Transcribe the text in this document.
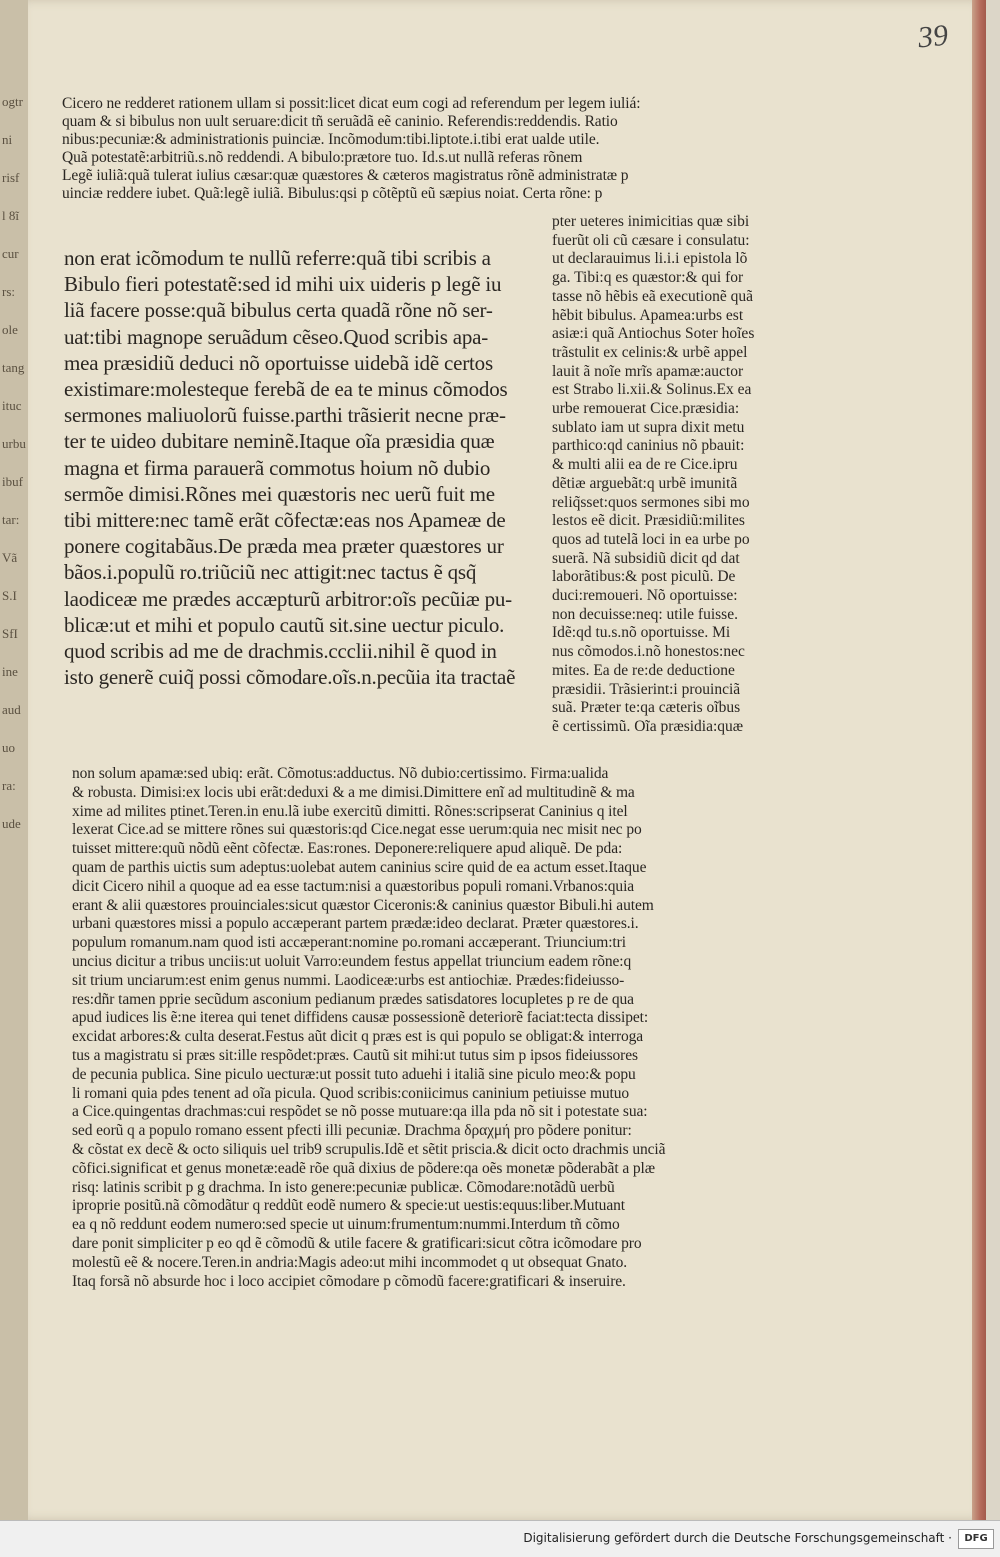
ogtr
ni
risf
l 8ĩ
cur
rs:
ole
tang
ituc
urbu
ibuf
tar:
Vã
S.I
SfI
ine
aud
uo
ra:
ude
39
Cicero ne redderet rationem ullam si possit:licet dicat eum cogi ad referendum per legem iuliá:
quam & si bibulus non uult seruare:dicit tñ seruãdã eẽ caninio. Referendis:reddendis. Ratio
nibus:pecuniæ:& administrationis puinciæ. Incõmodum:tibi.liptote.i.tibi erat ualde utile.
Quã potestatẽ:arbitriũ.s.nõ reddendi. A bibulo:prætore tuo. Id.s.ut nullã referas rõnem
Legẽ iuliã:quã tulerat iulius cæsar:quæ quæstores & cæteros magistratus rõnẽ administratæ p
uinciæ reddere iubet. Quã:legẽ iuliã. Bibulus:qsi p cõtẽptũ eũ sæpius noiat. Certa rõne: p
non erat icõmodum te nullũ referre:quã tibi scribis a
Bibulo fieri potestatẽ:sed id mihi uix uideris p legẽ iu
liã facere posse:quã bibulus certa quadã rõne nõ ser-
uat:tibi magnope seruãdum cẽseo.Quod scribis apa-
mea præsidiũ deduci nõ oportuisse uidebã idẽ certos
existimare:molesteque ferebã de ea te minus cõmodos
sermones maliuolorũ fuisse.parthi trãsierit necne præ-
ter te uideo dubitare neminẽ.Itaque oĩa præsidia quæ
magna et firma parauerã commotus hoium nõ dubio
sermõe dimisi.Rõnes mei quæstoris nec uerũ fuit me
tibi mittere:nec tamẽ erãt cõfectæ:eas nos Apameæ de
ponere cogitabãus.De præda mea præter quæstores ur
bãos.i.populũ ro.triũciũ nec attigit:nec tactus ẽ qsq̃
laodiceæ me prædes accæpturũ arbitror:oĩs pecũiæ pu-
blicæ:ut et mihi et populo cautũ sit.sine uectur piculo.
quod scribis ad me de drachmis.ccclii.nihil ẽ quod in
isto generẽ cuiq̃ possi cõmodare.oĩs.n.pecũia ita tractaẽ
pter ueteres inimicitias quæ sibi
fuerũt oli cũ cæsare i consulatu:
ut declarauimus li.i.i epistola lõ
ga. Tibi:q es quæstor:& qui for
tasse nõ hẽbis eã executionẽ quã
hẽbit bibulus. Apamea:urbs est
asiæ:i quã Antiochus Soter hoĩes
trãstulit ex celinis:& urbẽ appel
lauit ã noĩe mrĩs apamæ:auctor
est Strabo li.xii.& Solinus.Ex ea
urbe remouerat Cice.præsidia:
sublato iam ut supra dixit metu
parthico:qd caninius nõ pbauit:
& multi alii ea de re Cice.ipru
dẽtiæ arguebãt:q urbẽ imunitã
reliq̃sset:quos sermones sibi mo
lestos eẽ dicit. Præsidiũ:milites
quos ad tutelã loci in ea urbe po
suerã. Nã subsidiũ dicit qd dat
laborãtibus:& post piculũ. De
duci:remoueri. Nõ oportuisse:
non decuisse:neq: utile fuisse.
Idẽ:qd tu.s.nõ oportuisse. Mi
nus cõmodos.i.nõ honestos:nec
mites. Ea de re:de deductione
præsidii. Trãsierint:i prouinciã
suã. Præter te:qa cæteris oĩbus
ẽ certissimũ. Oĩa præsidia:quæ
non solum apamæ:sed ubiq: erãt. Cõmotus:adductus. Nõ dubio:certissimo. Firma:ualida
& robusta. Dimisi:ex locis ubi erãt:deduxi & a me dimisi.Dimittere enĩ ad multitudinẽ & ma
xime ad milites ptinet.Teren.in enu.lã iube exercitũ dimitti. Rõnes:scripserat Caninius q itel
lexerat Cice.ad se mittere rõnes sui quæstoris:qd Cice.negat esse uerum:quia nec misit nec po
tuisset mittere:quũ nõdũ eẽnt cõfectæ. Eas:rones. Deponere:reliquere apud aliquẽ. De pda:
quam de parthis uictis sum adeptus:uolebat autem caninius scire quid de ea actum esset.Itaque
dicit Cicero nihil a quoque ad ea esse tactum:nisi a quæstoribus populi romani.Vrbanos:quia
erant & alii quæstores prouinciales:sicut quæstor Ciceronis:& caninius quæstor Bibuli.hi autem
urbani quæstores missi a populo accæperant partem prædæ:ideo declarat. Præter quæstores.i.
populum romanum.nam quod isti accæperant:nomine po.romani accæperant. Triuncium:tri
uncius dicitur a tribus unciis:ut uoluit Varro:eundem festus appellat triuncium eadem rõne:q
sit trium unciarum:est enim genus nummi. Laodiceæ:urbs est antiochiæ. Prædes:fideiusso-
res:dñr tamen pprie secũdum asconium pedianum prædes satisdatores locupletes p re de qua
apud iudices lis ẽ:ne iterea qui tenet diffidens causæ possessionẽ deteriorẽ faciat:tecta dissipet:
excidat arbores:& culta deserat.Festus aũt dicit q præs est is qui populo se obligat:& interroga
tus a magistratu si præs sit:ille respõdet:præs. Cautũ sit mihi:ut tutus sim p ipsos fideiussores
de pecunia publica. Sine piculo uecturæ:ut possit tuto aduehi i italiã sine piculo meo:& popu
li romani quia pdes tenent ad oĩa picula. Quod scribis:coniicimus caninium petiuisse mutuo
a Cice.quingentas drachmas:cui respõdet se nõ posse mutuare:qa illa pda nõ sit i potestate sua:
sed eorũ q a populo romano essent pfecti illi pecuniæ. Drachma δραχμή pro põdere ponitur:
& cõstat ex decẽ & octo siliquis uel trib9 scrupulis.Idẽ et sẽtit priscia.& dicit octo drachmis unciã
cõfici.significat et genus monetæ:eadẽ rõe quã dixius de põdere:qa oẽs monetæ põderabãt a plæ
risq: latinis scribit p g drachma. In isto genere:pecuniæ publicæ. Cõmodare:notãdũ uerbũ
iproprie positũ.nã cõmodãtur q reddũt eodẽ numero & specie:ut uestis:equus:liber.Mutuant
ea q nõ reddunt eodem numero:sed specie ut uinum:frumentum:nummi.Interdum tñ cõmo
dare ponit simpliciter p eo qd ẽ cõmodũ & utile facere & gratificari:sicut cõtra icõmodare pro
molestũ eẽ & nocere.Teren.in andria:Magis adeo:ut mihi incommodet q ut obsequat Gnato.
Itaq forsã nõ absurde hoc i loco accipiet cõmodare p cõmodũ facere:gratificari & inseruire.
Digitalisierung gefördert durch die Deutsche Forschungsgemeinschaft ·	DFG
